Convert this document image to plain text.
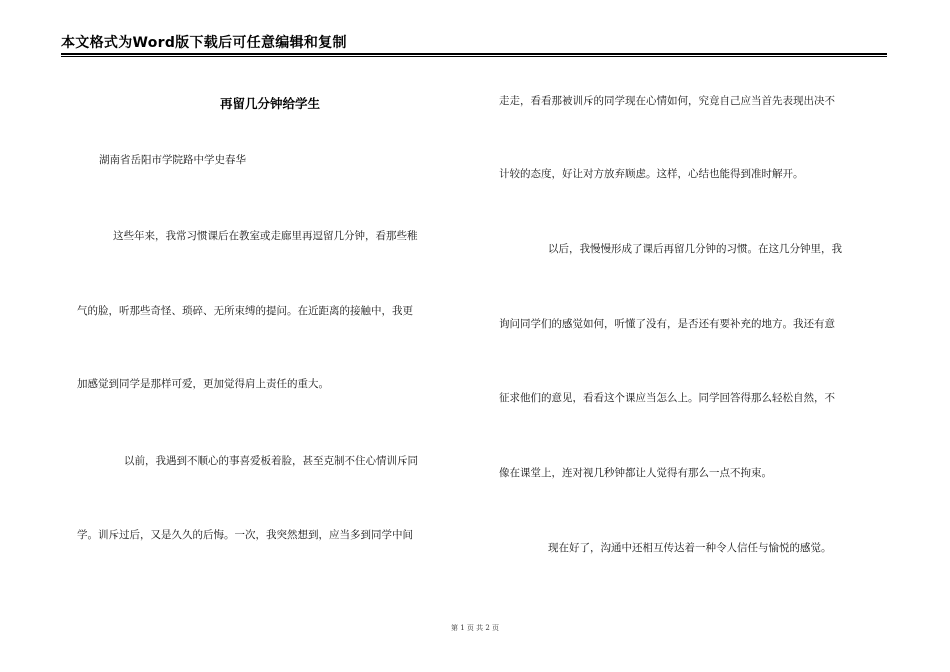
本文格式为Word版下载后可任意编辑和复制
再留几分钟给学生
湖南省岳阳市学院路中学史春华
这些年来，我常习惯课后在教室或走廊里再逗留几分钟，看那些稚
气的脸，听那些奇怪、琐碎、无所束缚的提问。在近距离的接触中，我更
加感觉到同学是那样可爱，更加觉得肩上责任的重大。
以前，我遇到不顺心的事喜爱板着脸，甚至克制不住心情训斥同
学。训斥过后，又是久久的后悔。一次，我突然想到，应当多到同学中间
走走，看看那被训斥的同学现在心情如何，究竟自己应当首先表现出决不
计较的态度，好让对方放弃顾虑。这样，心结也能得到准时解开。
以后，我慢慢形成了课后再留几分钟的习惯。在这几分钟里，我
询问同学们的感觉如何，听懂了没有，是否还有要补充的地方。我还有意
征求他们的意见，看看这个课应当怎么上。同学回答得那么轻松自然，不
像在课堂上，连对视几秒钟都让人觉得有那么一点不拘束。
现在好了，沟通中还相互传达着一种令人信任与愉悦的感觉。
第 1 页 共 2 页
